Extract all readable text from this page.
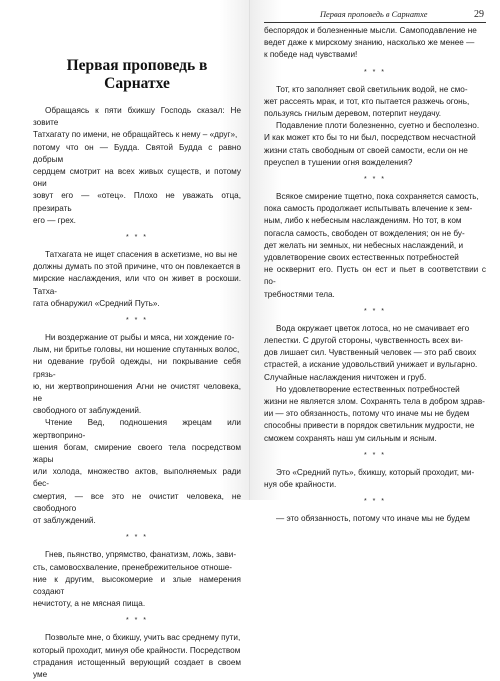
Первая проповедь в Сарнатхе

Обращаясь к пяти бхикшу Господь сказал: Не зовите
Татхагату по имени, не обращайтесь к нему – «друг»,
потому что он — Будда. Святой Будда с равно добрым
сердцем смотрит на всех живых существ, и потому они
зовут его — «отец». Плохо не уважать отца, презирать
его — грех.

* * *

Татхагата не ищет спасения в аскетизме, но вы не
должны думать по этой причине, что он повлекается в
мирские наслаждения, или что он живет в роскоши. Татха-
гата обнаружил «Средний Путь».

* * *

Ни воздержание от рыбы и мяса, ни хождение го-
лым, ни бритье головы, ни ношение спутанных волос,
ни одевание грубой одежды, ни покрывание себя грязь-
ю, ни жертвоприношения Агни не очистят человека, не
свободного от заблуждений.

Чтение Вед, подношения жрецам или жертвоприно-
шения богам, смирение своего тела посредством жары
или холода, множество актов, выполняемых ради бес-
смертия, — все это не очистит человека, не свободного
от заблуждений.

* * *

Гнев, пьянство, упрямство, фанатизм, ложь, зави-
сть, самовосхваление, пренебрежительное отноше-
ние к другим, высокомерие и злые намерения создают
нечистоту, а не мясная пища.

* * *

Позвольте мне, о бхикшу, учить вас среднему пути,
который проходит, минуя обе крайности. Посредством
страдания истощенный верующий создает в своем уме

Первая проповедь в Сарнатхе	29

беспорядок и болезненные мысли. Самоподавление не
ведет даже к мирскому знанию, насколько же менее —
к победе над чувствами!

* * *

Тот, кто заполняет свой светильник водой, не смо-
жет рассеять мрак, и тот, кто пытается разжечь огонь,
пользуясь гнилым деревом, потерпит неудачу.

Подавление плоти болезненно, суетно и бесполезно.
И как может кто бы то ни был, посредством несчастной
жизни стать свободным от своей самости, если он не
преуспел в тушении огня вожделения?

* * *

Всякое смирение тщетно, пока сохраняется самость,
пока самость продолжает испытывать влечение к зем-
ным, либо к небесным наслаждениям. Но тот, в ком
погасла самость, свободен от вожделения; он не бу-
дет желать ни земных, ни небесных наслаждений, и
удовлетворение своих естественных потребностей
не осквернит его. Пусть он ест и пьет в соответствии с по-
требностями тела.

* * *

Вода окружает цветок лотоса, но не смачивает его
лепестки. С другой стороны, чувственность всех ви-
дов лишает сил. Чувственный человек — это раб своих
страстей, а искание удовольствий унижает и вульгарно.
Случайные наслаждения ничтожен и груб.

Но удовлетворение естественных потребностей
жизни не является злом. Сохранять тела в добром здрав-
ии — это обязанность, потому что иначе мы не будем
способны привести в порядок светильник мудрости, не
сможем сохранять наш ум сильным и ясным.

* * *

Это «Средний путь», бхикшу, который проходит, ми-
нуя обе крайности.

* * *

— это обязанность, потому что иначе мы не будем
